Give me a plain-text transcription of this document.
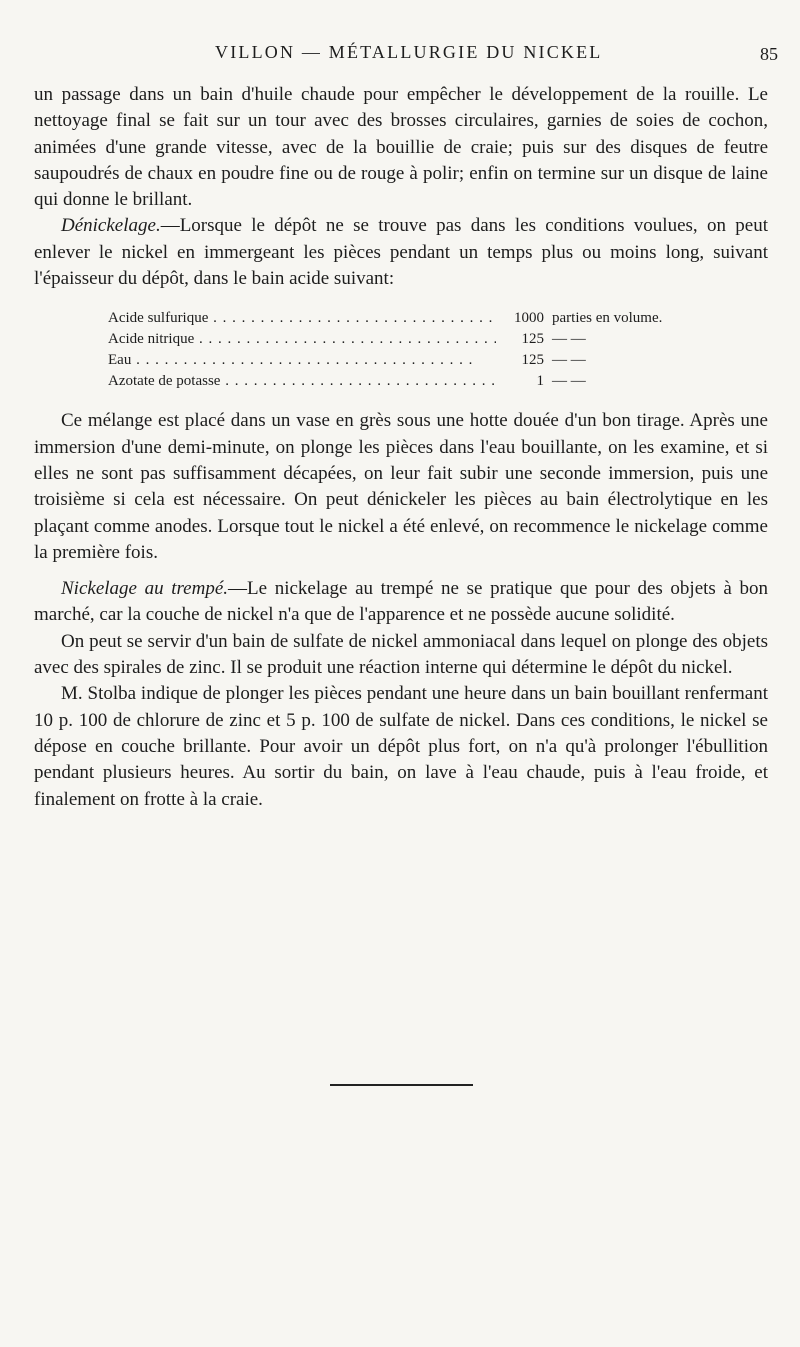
VILLON — MÉTALLURGIE DU NICKEL	85

un passage dans un bain d'huile chaude pour empêcher le développement de la rouille. Le nettoyage final se fait sur un tour avec des brosses circulaires, garnies de soies de cochon, animées d'une grande vitesse, avec de la bouillie de craie; puis sur des disques de feutre saupoudrés de chaux en poudre fine ou de rouge à polir; enfin on termine sur un disque de laine qui donne le brillant.

Dénickelage.—Lorsque le dépôt ne se trouve pas dans les conditions voulues, on peut enlever le nickel en immergeant les pièces pendant un temps plus ou moins long, suivant l'épaisseur du dépôt, dans le bain acide suivant:

Acide sulfurique . . .	1000 parties en volume.
Acide nitrique . . .	125 — —
Eau . . .	125 — —
Azotate de potasse . . .	1 — —

Ce mélange est placé dans un vase en grès sous une hotte douée d'un bon tirage. Après une immersion d'une demi-minute, on plonge les pièces dans l'eau bouillante, on les examine, et si elles ne sont pas suffisamment décapées, on leur fait subir une seconde immersion, puis une troisième si cela est nécessaire. On peut dénickeler les pièces au bain électrolytique en les plaçant comme anodes. Lorsque tout le nickel a été enlevé, on recommence le nickelage comme la première fois.

Nickelage au trempé.—Le nickelage au trempé ne se pratique que pour des objets à bon marché, car la couche de nickel n'a que de l'apparence et ne possède aucune solidité.

On peut se servir d'un bain de sulfate de nickel ammoniacal dans lequel on plonge des objets avec des spirales de zinc. Il se produit une réaction interne qui détermine le dépôt du nickel.

M. Stolba indique de plonger les pièces pendant une heure dans un bain bouillant renfermant 10 p. 100 de chlorure de zinc et 5 p. 100 de sulfate de nickel. Dans ces conditions, le nickel se dépose en couche brillante. Pour avoir un dépôt plus fort, on n'a qu'à prolonger l'ébullition pendant plusieurs heures. Au sortir du bain, on lave à l'eau chaude, puis à l'eau froide, et finalement on frotte à la craie.
